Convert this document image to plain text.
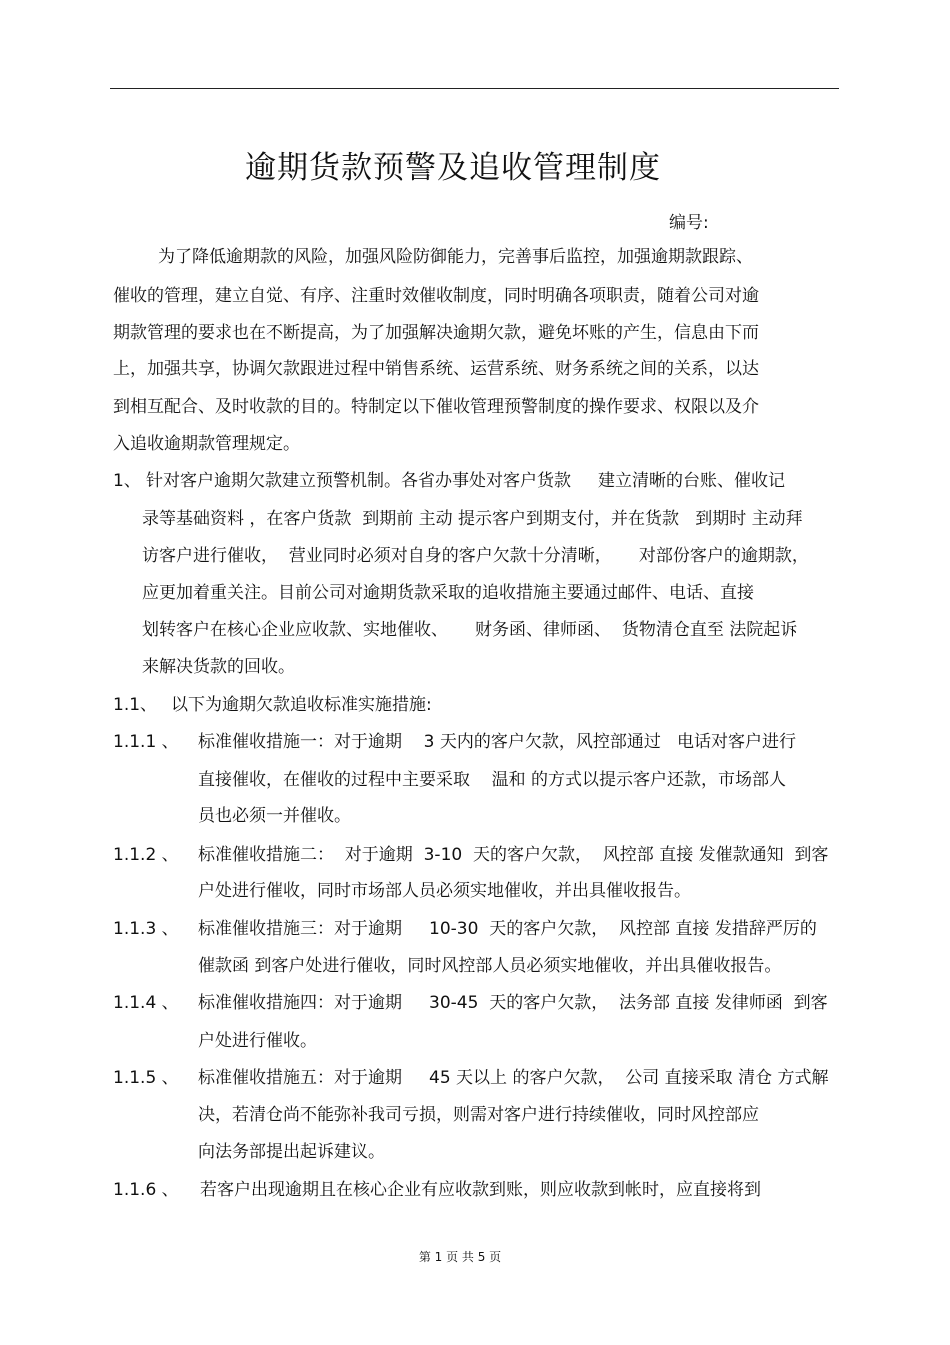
逾期货款预警及追收管理制度
编号:
为了降低逾期款的风险，加强风险防御能力，完善事后监控，加强逾期款跟踪、
催收的管理，建立自觉、有序、注重时效催收制度，同时明确各项职责，随着公司对逾
期款管理的要求也在不断提高，为了加强解决逾期欠款，避免坏账的产生，信息由下而
上，加强共享，协调欠款跟进过程中销售系统、运营系统、财务系统之间的关系，以达
到相互配合、及时收款的目的。特制定以下催收管理预警制度的操作要求、权限以及介
入追收逾期款管理规定。
1、 针对客户逾期欠款建立预警机制。各省办事处对客户货款     建立清晰的台账、催收记
录等基础资料 ，在客户货款  到期前 主动 提示客户到期支付，并在货款   到期时 主动拜
访客户进行催收，  营业同时必须对自身的客户欠款十分清晰，     对部份客户的逾期款，
应更加着重关注。目前公司对逾期货款采取的追收措施主要通过邮件、电话、直接
划转客户在核心企业应收款、实地催收、     财务函、律师函、  货物清仓直至 法院起诉
来解决货款的回收。
1.1、 以下为逾期欠款追收标准实施措施:
1.1.1 、 标准催收措施一：对于逾期    3 天内的客户欠款，风控部通过   电话对客户进行
直接催收，在催收的过程中主要采取    温和 的方式以提示客户还款，市场部人
员也必须一并催收。
1.1.2 、 标准催收措施二：  对于逾期  3-10  天的客户欠款，  风控部 直接 发催款通知  到客
户处进行催收，同时市场部人员必须实地催收，并出具催收报告。
1.1.3 、 标准催收措施三：对于逾期     10-30  天的客户欠款，  风控部 直接 发措辞严厉的
催款函 到客户处进行催收，同时风控部人员必须实地催收，并出具催收报告。
1.1.4 、 标准催收措施四：对于逾期     30-45  天的客户欠款，  法务部 直接 发律师函  到客
户处进行催收。
1.1.5 、 标准催收措施五：对于逾期     45 天以上 的客户欠款，  公司 直接采取 清仓 方式解
决，若清仓尚不能弥补我司亏损，则需对客户进行持续催收，同时风控部应
向法务部提出起诉建议。
1.1.6 、 若客户出现逾期且在核心企业有应收款到账，则应收款到帐时，应直接将到
第 1 页 共 5 页
